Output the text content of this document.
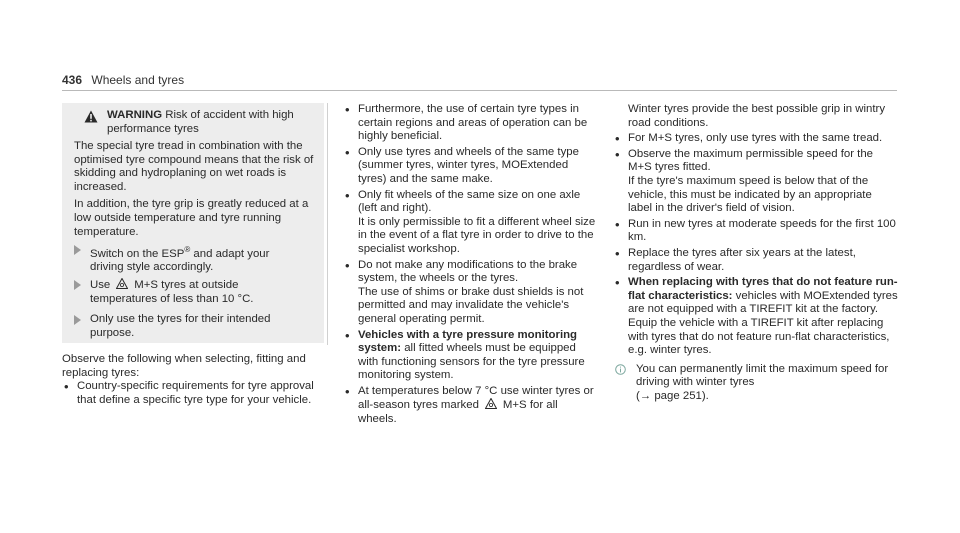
436 Wheels and tyres
WARNING Risk of accident with high performance tyres

The special tyre tread in combination with the optimised tyre compound means that the risk of skidding and hydroplaning on wet roads is increased.

In addition, the tyre grip is greatly reduced at a low outside temperature and tyre running temperature.

Switch on the ESP® and adapt your driving style accordingly.
Use M+S tyres at outside temperatures of less than 10 °C.
Only use the tyres for their intended purpose.

Observe the following when selecting, fitting and replacing tyres:

• Country-specific requirements for tyre approval that define a specific tyre type for your vehicle.
• Furthermore, the use of certain tyre types in certain regions and areas of operation can be highly beneficial.
• Only use tyres and wheels of the same type (summer tyres, winter tyres, MOExtended tyres) and the same make.

• Only fit wheels of the same size on one axle (left and right).

It is only permissible to fit a different wheel size in the event of a flat tyre in order to drive to the specialist workshop.

• Do not make any modifications to the brake system, the wheels or the tyres.

The use of shims or brake dust shields is not permitted and may invalidate the vehicle's general operating permit.

• Vehicles with a tyre pressure monitoring system: all fitted wheels must be equipped with functioning sensors for the tyre pressure monitoring system.
• At temperatures below 7 °C use winter tyres or all-season tyres marked M+S for all wheels.

Winter tyres provide the best possible grip in wintry road conditions.

• For M+S tyres, only use tyres with the same tread.

• Observe the maximum permissible speed for the M+S tyres fitted.

If the tyre's maximum speed is below that of the vehicle, this must be indicated by an appropriate label in the driver's field of vision.

• Run in new tyres at moderate speeds for the first 100 km.
• Replace the tyres after six years at the latest, regardless of wear.
• When replacing with tyres that do not feature run-flat characteristics: vehicles with MOExtended tyres are not equipped with a TIREFIT kit at the factory. Equip the vehicle with a TIREFIT kit after replacing with tyres that do not feature run-flat characteristics, e.g. winter tyres.
You can permanently limit the maximum speed for driving with winter tyres
(→ page 251).
